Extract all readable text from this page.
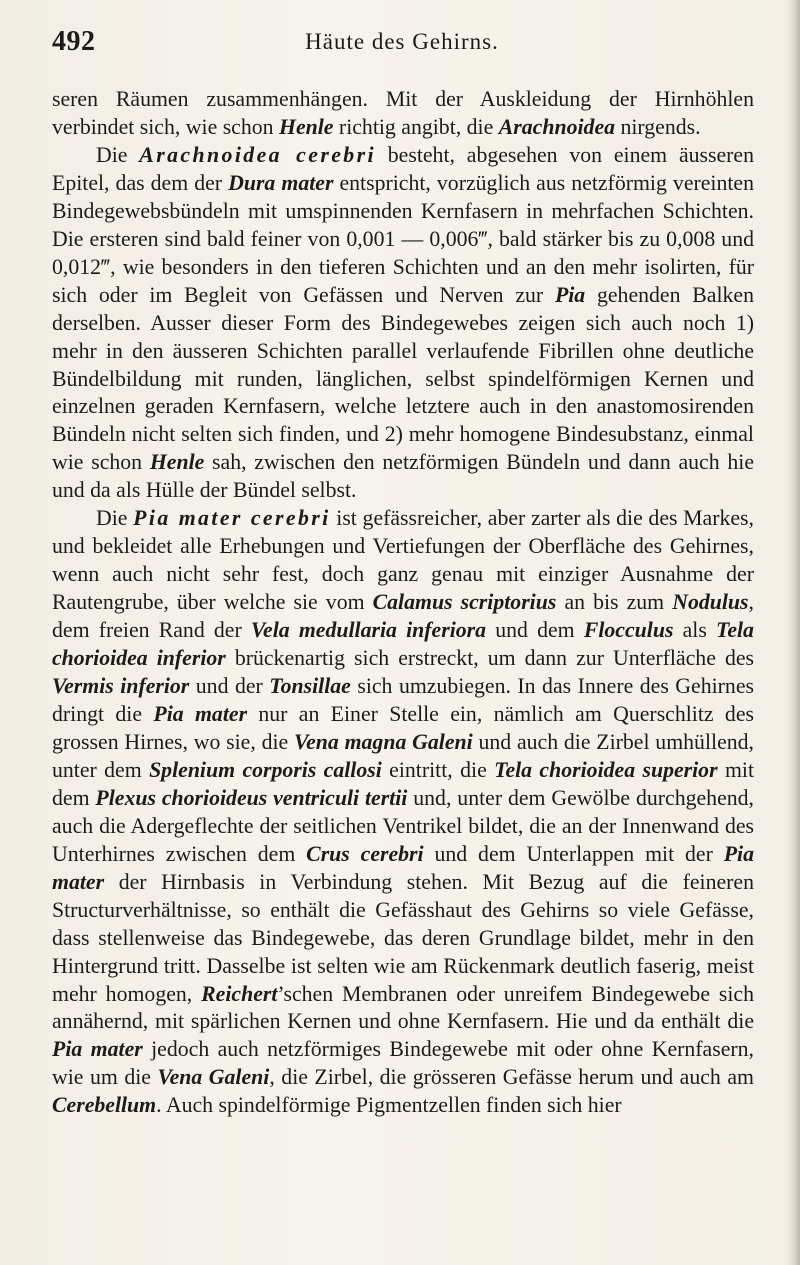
492	Häute des Gehirns.

seren Räumen zusammenhängen. Mit der Auskleidung der Hirnhöhlen verbindet sich, wie schon Henle richtig angibt, die Arachnoidea nirgends.

Die Arachnoidea cerebri besteht, abgesehen von einem äusseren Epitel, das dem der Dura mater entspricht, vorzüglich aus netzförmig vereinten Bindegewebsbündeln mit umspinnenden Kernfasern in mehrfachen Schichten. Die ersteren sind bald feiner von 0,001 — 0,006‴, bald stärker bis zu 0,008 und 0,012‴, wie besonders in den tieferen Schichten und an den mehr isolirten, für sich oder im Begleit von Gefässen und Nerven zur Pia gehenden Balken derselben. Ausser dieser Form des Bindegewebes zeigen sich auch noch 1) mehr in den äusseren Schichten parallel verlaufende Fibrillen ohne deutliche Bündelbildung mit runden, länglichen, selbst spindelförmigen Kernen und einzelnen geraden Kernfasern, welche letztere auch in den anastomosirenden Bündeln nicht selten sich finden, und 2) mehr homogene Bindesubstanz, einmal wie schon Henle sah, zwischen den netzförmigen Bündeln und dann auch hie und da als Hülle der Bündel selbst.

Die Pia mater cerebri ist gefässreicher, aber zarter als die des Markes, und bekleidet alle Erhebungen und Vertiefungen der Oberfläche des Gehirnes, wenn auch nicht sehr fest, doch ganz genau mit einziger Ausnahme der Rautengrube, über welche sie vom Calamus scriptorius an bis zum Nodulus, dem freien Rand der Vela medullaria inferiora und dem Flocculus als Tela chorioidea inferior brückenartig sich erstreckt, um dann zur Unterfläche des Vermis inferior und der Tonsillae sich umzubiegen. In das Innere des Gehirnes dringt die Pia mater nur an Einer Stelle ein, nämlich am Querschlitz des grossen Hirnes, wo sie, die Vena magna Galeni und auch die Zirbel umhüllend, unter dem Splenium corporis callosi eintritt, die Tela chorioidea superior mit dem Plexus chorioideus ventriculi tertii und, unter dem Gewölbe durchgehend, auch die Adergeflechte der seitlichen Ventrikel bildet, die an der Innenwand des Unterhirnes zwischen dem Crus cerebri und dem Unterlappen mit der Pia mater der Hirnbasis in Verbindung stehen. Mit Bezug auf die feineren Structurverhältnisse, so enthält die Gefässhaut des Gehirns so viele Gefässe, dass stellenweise das Bindegewebe, das deren Grundlage bildet, mehr in den Hintergrund tritt. Dasselbe ist selten wie am Rückenmark deutlich faserig, meist mehr homogen, Reichert’schen Membranen oder unreifem Bindegewebe sich annähernd, mit spärlichen Kernen und ohne Kernfasern. Hie und da enthält die Pia mater jedoch auch netzförmiges Bindegewebe mit oder ohne Kernfasern, wie um die Vena Galeni, die Zirbel, die grösseren Gefässe herum und auch am Cerebellum. Auch spindelförmige Pigmentzellen finden sich hier
